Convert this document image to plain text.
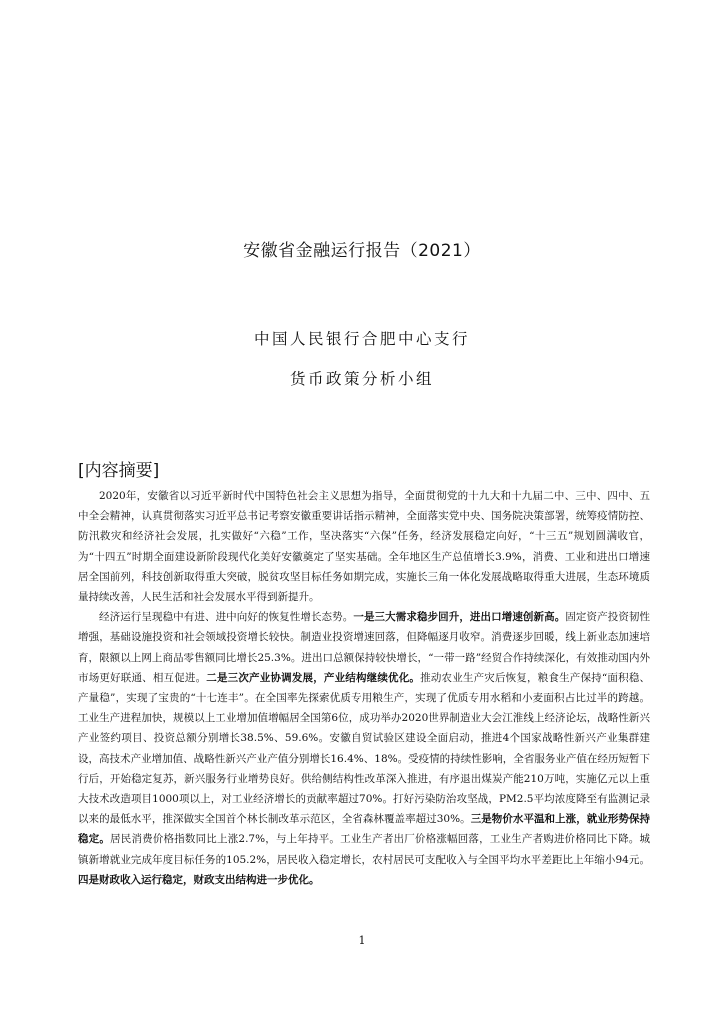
安徽省金融运行报告（2021）
中国人民银行合肥中心支行
货币政策分析小组
[内容摘要]

2020年，安徽省以习近平新时代中国特色社会主义思想为指导，全面贯彻党的十九大和十九届二中、三中、四中、五中全会精神，认真贯彻落实习近平总书记考察安徽重要讲话指示精神，全面落实党中央、国务院决策部署，统筹疫情防控、防汛救灾和经济社会发展，扎实做好“六稳”工作，坚决落实“六保”任务，经济发展稳定向好，“十三五”规划圆满收官，为“十四五”时期全面建设新阶段现代化美好安徽奠定了坚实基础。全年地区生产总值增长3.9%，消费、工业和进出口增速居全国前列，科技创新取得重大突破，脱贫攻坚目标任务如期完成，实施长三角一体化发展战略取得重大进展，生态环境质量持续改善，人民生活和社会发展水平得到新提升。

经济运行呈现稳中有进、进中向好的恢复性增长态势。一是三大需求稳步回升，进出口增速创新高。固定资产投资韧性增强，基础设施投资和社会领域投资增长较快。制造业投资增速回落，但降幅逐月收窄。消费逐步回暖，线上新业态加速培育，限额以上网上商品零售额同比增长25.3%。进出口总额保持较快增长，“一带一路”经贸合作持续深化，有效推动国内外市场更好联通、相互促进。二是三次产业协调发展，产业结构继续优化。推动农业生产灾后恢复，粮食生产保持“面积稳、产量稳”，实现了宝贵的“十七连丰”。在全国率先探索优质专用粮生产，实现了优质专用水稻和小麦面积占比过半的跨越。工业生产进程加快，规模以上工业增加值增幅居全国第6位，成功举办2020世界制造业大会江淮线上经济论坛，战略性新兴产业签约项目、投资总额分别增长38.5%、59.6%。安徽自贸试验区建设全面启动，推进4个国家战略性新兴产业集群建设，高技术产业增加值、战略性新兴产业产值分别增长16.4%、18%。受疫情的持续性影响，全省服务业产值在经历短暂下行后，开始稳定复苏，新兴服务行业增势良好。供给侧结构性改革深入推进，有序退出煤炭产能210万吨，实施亿元以上重大技术改造项目1000项以上，对工业经济增长的贡献率超过70%。打好污染防治攻坚战，PM2.5平均浓度降至有监测记录以来的最低水平，推深做实全国首个林长制改革示范区，全省森林覆盖率超过30%。三是物价水平温和上涨，就业形势保持稳定。居民消费价格指数同比上涨2.7%，与上年持平。工业生产者出厂价格涨幅回落，工业生产者购进价格同比下降。城镇新增就业完成年度目标任务的105.2%，居民收入稳定增长，农村居民可支配收入与全国平均水平差距比上年缩小94元。四是财政收入运行稳定，财政支出结构进一步优化。

1
